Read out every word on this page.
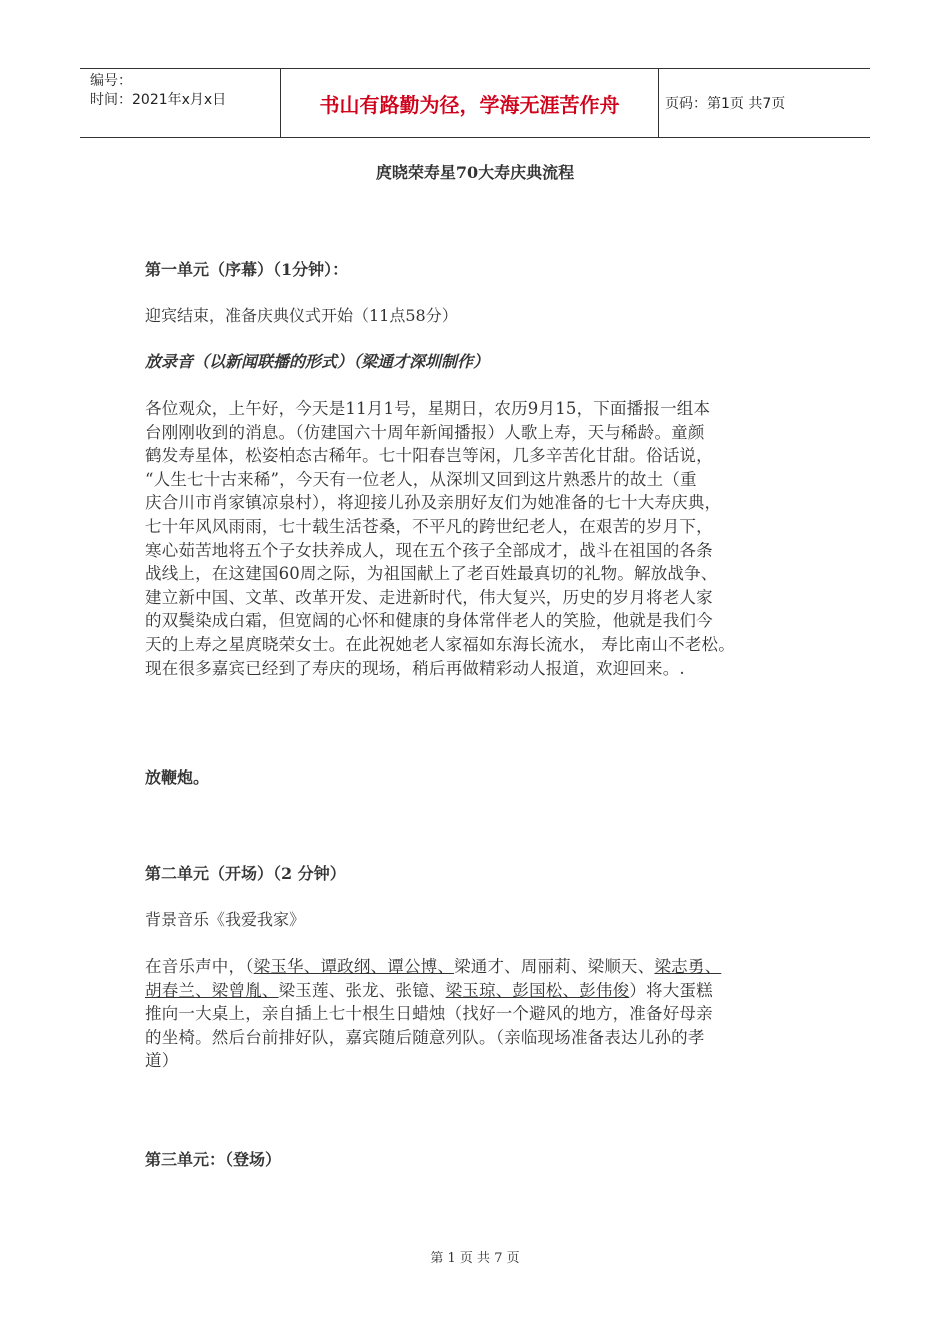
编号：
时间：2021年x月x日	书山有路勤为径，学海无涯苦作舟	页码：第1页 共7页
庹晓荣寿星70大寿庆典流程
第一单元（序幕）（1分钟）：
迎宾结束，准备庆典仪式开始（11点58分）
放录音（以新闻联播的形式）（梁通才深圳制作）
各位观众，上午好，今天是11月1号，星期日，农历9月15，下面播报一组本
台刚刚收到的消息。（仿建国六十周年新闻播报）人歌上寿，天与稀龄。童颜
鹤发寿星体，松姿柏态古稀年。七十阳春岂等闲，几多辛苦化甘甜。俗话说，
“人生七十古来稀”，今天有一位老人，从深圳又回到这片熟悉片的故土（重
庆合川市肖家镇凉泉村），将迎接儿孙及亲朋好友们为她准备的七十大寿庆典，
七十年风风雨雨，七十载生活苍桑，不平凡的跨世纪老人，在艰苦的岁月下，
寒心茹苦地将五个子女扶养成人，现在五个孩子全部成才，战斗在祖国的各条
战线上，在这建国60周之际，为祖国献上了老百姓最真切的礼物。解放战争、
建立新中国、文革、改革开发、走进新时代，伟大复兴，历史的岁月将老人家
的双鬓染成白霜，但宽阔的心怀和健康的身体常伴老人的笑脸，他就是我们今
天的上寿之星庹晓荣女士。在此祝她老人家福如东海长流水， 寿比南山不老松。
现在很多嘉宾已经到了寿庆的现场，稍后再做精彩动人报道，欢迎回来。.
放鞭炮。
第二单元（开场）（2 分钟）
背景音乐《我爱我家》
在音乐声中，（梁玉华、谭政纲、谭公博、梁通才、周丽莉、梁顺天、梁志勇、
胡春兰、梁曾胤、梁玉莲、张龙、张镱、梁玉琼、彭国松、彭伟俊）将大蛋糕
推向一大桌上，亲自插上七十根生日蜡烛（找好一个避风的地方，准备好母亲
的坐椅。然后台前排好队，嘉宾随后随意列队。（亲临现场准备表达儿孙的孝
道）
第三单元：（登场）
第 1 页 共 7 页
